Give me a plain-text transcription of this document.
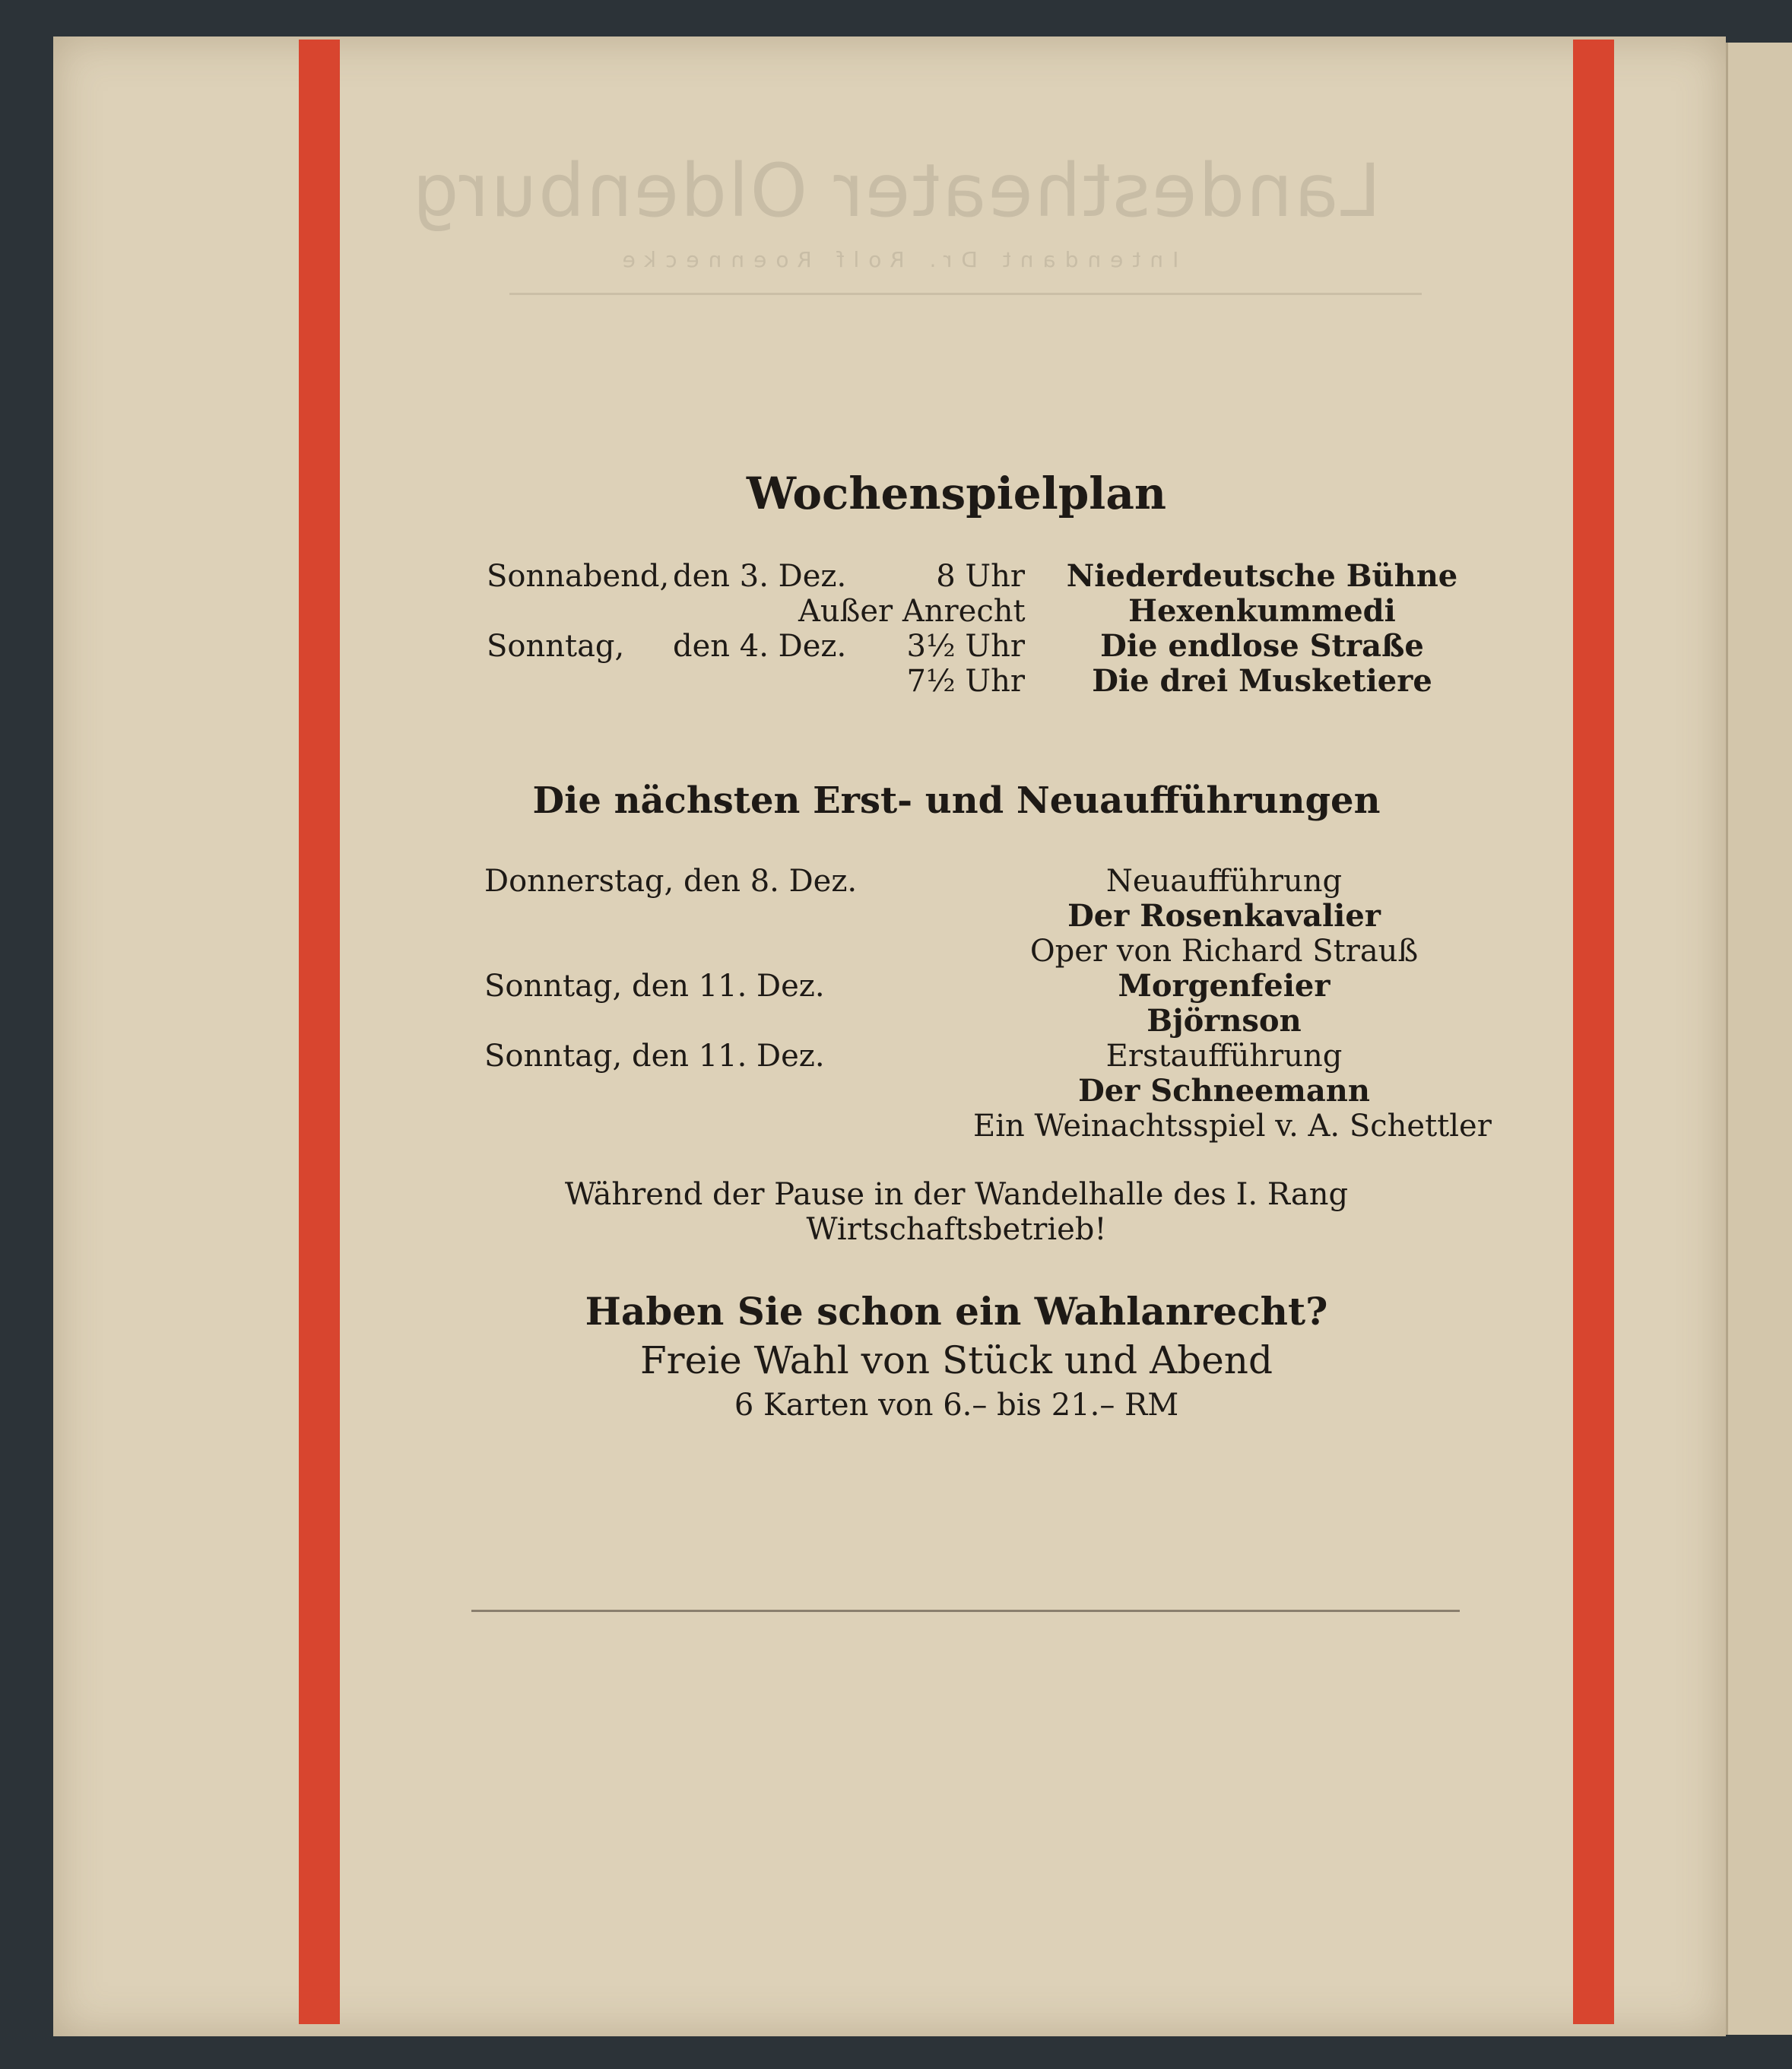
Landestheater Oldenburg
Intendant Dr. Rolf Roennecke
Wochenspielplan
Sonnabend, den 3. Dez.	8 Uhr Niederdeutsche Bühne
Außer Anrecht	Hexenkummedi
Sonntag, den 4. Dez.	3½ Uhr	Die endlose Straße
7½ Uhr	Die drei Musketiere
Die nächsten Erst- und Neuaufführungen
Donnerstag, den 8. Dez.	Neuaufführung
Der Rosenkavalier
Oper von Richard Strauß
Sonntag, den 11. Dez.	Morgenfeier
Björnson
Sonntag, den 11. Dez.	Erstaufführung
Der Schneemann
Ein Weinachtsspiel v. A. Schettler
Während der Pause in der Wandelhalle des I. Rang
Wirtschaftsbetrieb!
Haben Sie schon ein Wahlanrecht?
Freie Wahl von Stück und Abend
6 Karten von 6.– bis 21.– RM
